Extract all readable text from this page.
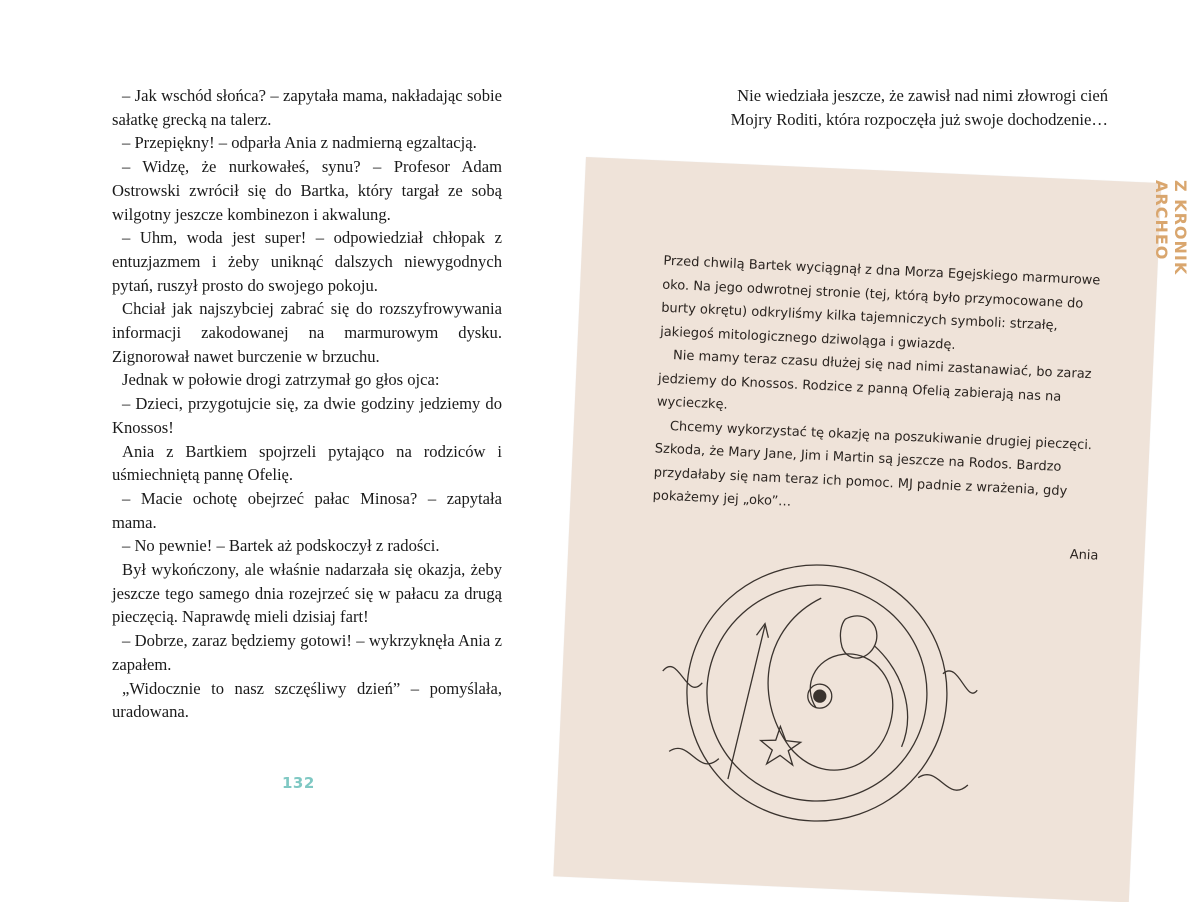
– Jak wschód słońca? – zapytała mama, nakładając sobie sałatkę grecką na talerz.

– Przepiękny! – odparła Ania z nadmierną egzaltacją.

– Widzę, że nurkowałeś, synu? – Profesor Adam Ostrowski zwrócił się do Bartka, który targał ze sobą wilgotny jeszcze kombinezon i akwalung.

– Uhm, woda jest super! – odpowiedział chłopak z entuzjazmem i żeby uniknąć dalszych niewygodnych pytań, ruszył prosto do swojego pokoju.

Chciał jak najszybciej zabrać się do rozszyfrowywania informacji zakodowanej na marmurowym dysku. Zignorował nawet burczenie w brzuchu.

Jednak w połowie drogi zatrzymał go głos ojca:

– Dzieci, przygotujcie się, za dwie godziny jedziemy do Knossos!

Ania z Bartkiem spojrzeli pytająco na rodziców i uśmiechniętą pannę Ofelię.

– Macie ochotę obejrzeć pałac Minosa? – zapytała mama.

– No pewnie! – Bartek aż podskoczył z radości.

Był wykończony, ale właśnie nadarzała się okazja, żeby jeszcze tego samego dnia rozejrzeć się w pałacu za drugą pieczęcią. Naprawdę mieli dzisiaj fart!

– Dobrze, zaraz będziemy gotowi! – wykrzyknęła Ania z zapałem.

„Widocznie to nasz szczęśliwy dzień” – pomyślała, uradowana.

132

Nie wiedziała jeszcze, że zawisł nad nimi złowrogi cień

Mojry Roditi, która rozpoczęła już swoje dochodzenie…

Przed chwilą Bartek wyciągnął z dna Morza Egejskiego marmurowe oko. Na jego odwrotnej stronie (tej, którą było przymocowane do burty okrętu) odkryliśmy kilka tajemniczych symboli: strzałę, jakiegoś mitologicznego dziwoląga i gwiazdę.

Nie mamy teraz czasu dłużej się nad nimi zastanawiać, bo zaraz jedziemy do Knossos. Rodzice z panną Ofelią zabierają nas na wycieczkę.

Chcemy wykorzystać tę okazję na poszukiwanie drugiej pieczęci. Szkoda, że Mary Jane, Jim i Martin są jeszcze na Rodos. Bardzo przydałaby się nam teraz ich pomoc. MJ padnie z wrażenia, gdy pokażemy jej „oko”…

Ania

Z KRONIK ARCHEO
